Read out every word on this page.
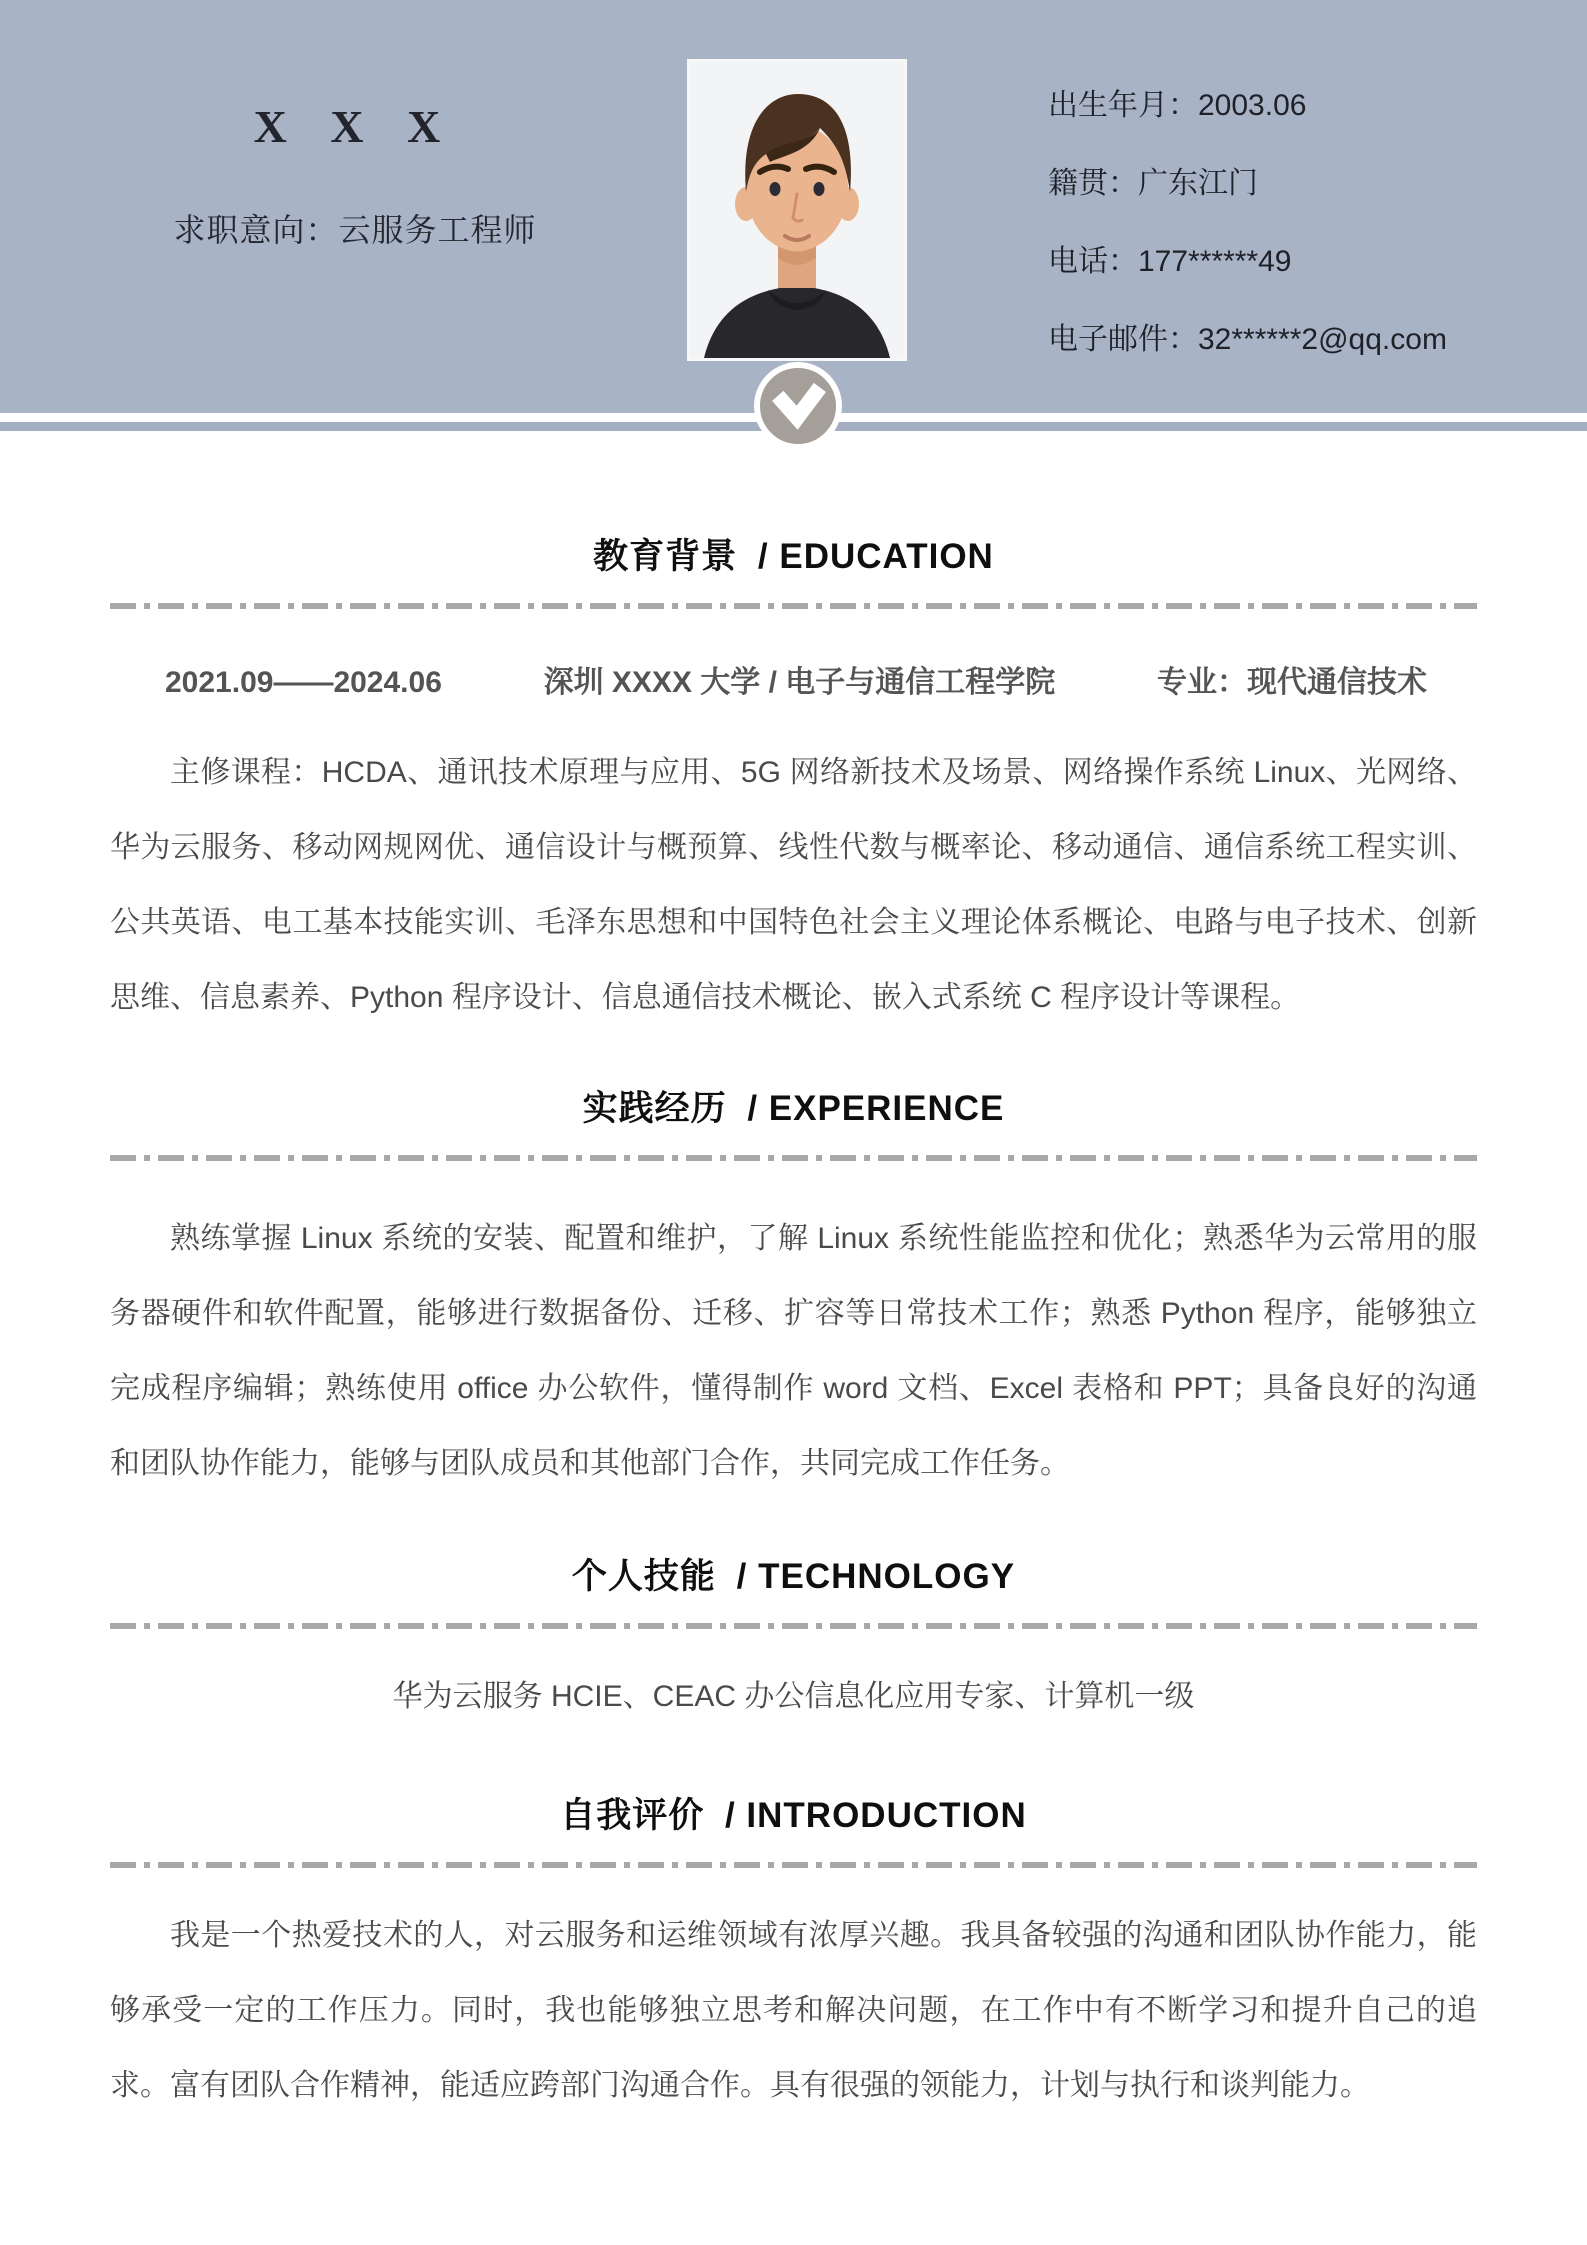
X X X
求职意向：云服务工程师
出生年月：2003.06
籍贯：广东江门
电话：177******49
电子邮件：32******2@qq.com
教育背景 / EDUCATION
2021.09——2024.06	深圳 XXXX 大学 / 电子与通信工程学院	专业：现代通信技术

主修课程：HCDA、通讯技术原理与应用、5G 网络新技术及场景、网络操作系统 Linux、光网络、华为云服务、移动网规网优、通信设计与概预算、线性代数与概率论、移动通信、通信系统工程实训、公共英语、电工基本技能实训、毛泽东思想和中国特色社会主义理论体系概论、电路与电子技术、创新思维、信息素养、Python 程序设计、信息通信技术概论、嵌入式系统 C 程序设计等课程。

实践经历 / EXPERIENCE

熟练掌握 Linux 系统的安装、配置和维护，了解 Linux 系统性能监控和优化；熟悉华为云常用的服务器硬件和软件配置，能够进行数据备份、迁移、扩容等日常技术工作；熟悉 Python 程序，能够独立完成程序编辑；熟练使用 office 办公软件，懂得制作 word 文档、Excel 表格和 PPT；具备良好的沟通和团队协作能力，能够与团队成员和其他部门合作，共同完成工作任务。

个人技能 / TECHNOLOGY

华为云服务 HCIE、CEAC 办公信息化应用专家、计算机一级

自我评价 / INTRODUCTION

我是一个热爱技术的人，对云服务和运维领域有浓厚兴趣。我具备较强的沟通和团队协作能力，能够承受一定的工作压力。同时，我也能够独立思考和解决问题，在工作中有不断学习和提升自己的追求。富有团队合作精神，能适应跨部门沟通合作。具有很强的领能力，计划与执行和谈判能力。
